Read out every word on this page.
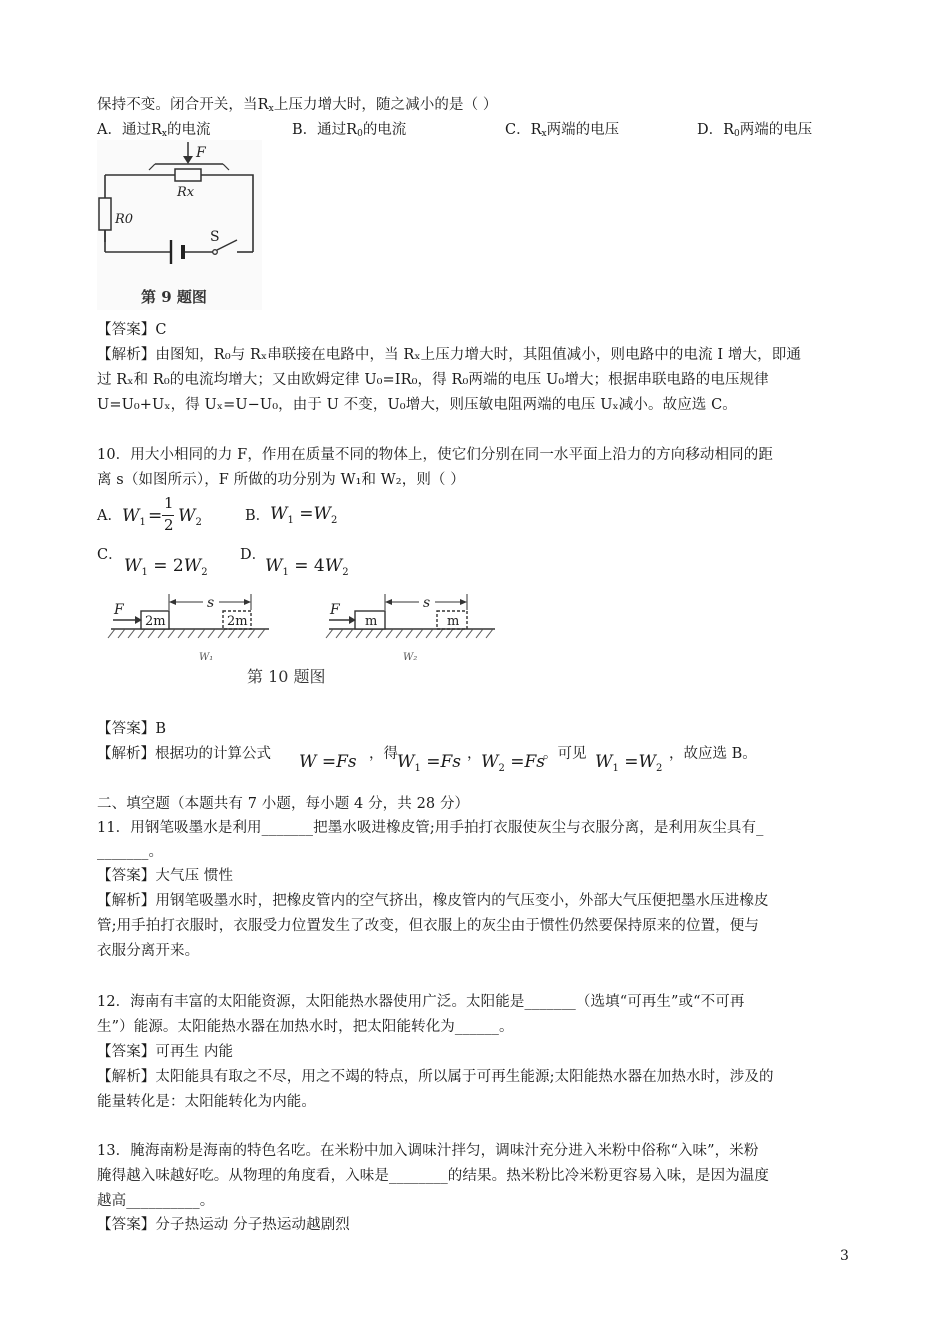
保持不变。闭合开关，当$R_x$上压力增大时，随之减小的是（ ）
A．通过$R_x$的电流	B．通过$R_0$的电流	C．$R_x$两端的电压	D．$R_0$两端的电压
F
Rx
R0
S
第 9 题图
【答案】C
【解析】由图知，R₀与 Rₓ串联接在电路中，当 Rₓ上压力增大时，其阻值减小，则电路中的电流 I 增大，即通
过 Rₓ和 R₀的电流均增大；又由欧姆定律 U₀=IR₀，得 R₀两端的电压 U₀增大；根据串联电路的电压规律
U=U₀+Uₓ，得 Uₓ=U−U₀，由于 U 不变，U₀增大，则压敏电阻两端的电压 Uₓ减小。故应选 C。
10．用大小相同的力 F，作用在质量不同的物体上，使它们分别在同一水平面上沿力的方向移动相同的距
离 s（如图所示），F 所做的功分别为 W₁和 W₂，则（ ）
A． $W_1$ =
1
2 $W_2$	B． $W_1 =W_2$
C．
$W_1 = 2W_2$
D．
$W_1 = 4W_2$
2m	2m
F	s
W₁
m	m
F	s
W₂
第 10 题图
【答案】B
【解析】根据功的计算公式 W =Fs ，得 $W_1 =Fs$ ， $W_2 =Fs$
。可见 $W_1 =W_2$
，故应选 B。
二、填空题（本题共有 7 小题，每小题 4 分，共 28 分）
11．用钢笔吸墨水是利用_______把墨水吸进橡皮管;用手拍打衣服使灰尘与衣服分离，是利用灰尘具有_
_______。
【答案】大气压 惯性
【解析】用钢笔吸墨水时，把橡皮管内的空气挤出，橡皮管内的气压变小，外部大气压便把墨水压进橡皮
管;用手拍打衣服时，衣服受力位置发生了改变，但衣服上的灰尘由于惯性仍然要保持原来的位置，便与
衣服分离开来。
12．海南有丰富的太阳能资源，太阳能热水器使用广泛。太阳能是_______（选填“可再生”或“不可再
生”）能源。太阳能热水器在加热水时，把太阳能转化为______。
【答案】可再生 内能
【解析】太阳能具有取之不尽，用之不竭的特点，所以属于可再生能源;太阳能热水器在加热水时，涉及的
能量转化是：太阳能转化为内能。
13．腌海南粉是海南的特色名吃。在米粉中加入调味汁拌匀，调味汁充分进入米粉中俗称“入味”，米粉
腌得越入味越好吃。从物理的角度看，入味是________的结果。热米粉比冷米粉更容易入味，是因为温度
越高__________。
【答案】分子热运动 分子热运动越剧烈
3
